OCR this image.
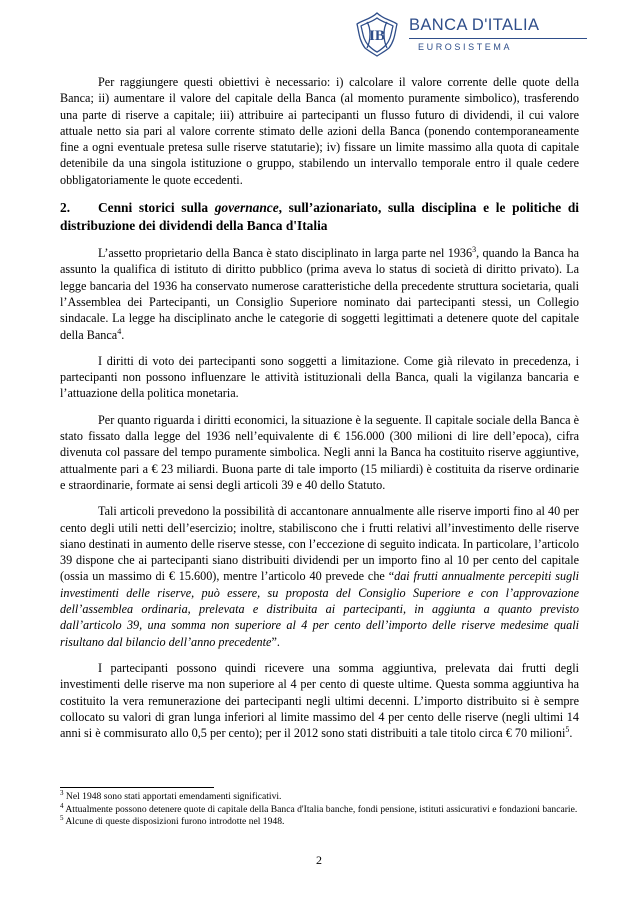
IB
BANCA D'ITALIA
EUROSISTEMA

Per raggiungere questi obiettivi è necessario: i) calcolare il valore corrente delle quote della Banca; ii) aumentare il valore del capitale della Banca (al momento puramente simbolico), trasferendo una parte di riserve a capitale; iii) attribuire ai partecipanti un flusso futuro di dividendi, il cui valore attuale netto sia pari al valore corrente stimato delle azioni della Banca (ponendo contemporaneamente fine a ogni eventuale pretesa sulle riserve statutarie); iv) fissare un limite massimo alla quota di capitale detenibile da una singola istituzione o gruppo, stabilendo un intervallo temporale entro il quale cedere obbligatoriamente le quote eccedenti.

2. Cenni storici sulla governance, sull’azionariato, sulla disciplina e le politiche di distribuzione dei dividendi della Banca d'Italia

L’assetto proprietario della Banca è stato disciplinato in larga parte nel 1936$^3$, quando la Banca ha assunto la qualifica di istituto di diritto pubblico (prima aveva lo status di società di diritto privato). La legge bancaria del 1936 ha conservato numerose caratteristiche della precedente struttura societaria, quali l’Assemblea dei Partecipanti, un Consiglio Superiore nominato dai partecipanti stessi, un Collegio sindacale. La legge ha disciplinato anche le categorie di soggetti legittimati a detenere quote del capitale della Banca$^4$.

I diritti di voto dei partecipanti sono soggetti a limitazione. Come già rilevato in precedenza, i partecipanti non possono influenzare le attività istituzionali della Banca, quali la vigilanza bancaria e l’attuazione della politica monetaria.

Per quanto riguarda i diritti economici, la situazione è la seguente. Il capitale sociale della Banca è stato fissato dalla legge del 1936 nell’equivalente di € 156.000 (300 milioni di lire dell’epoca), cifra divenuta col passare del tempo puramente simbolica. Negli anni la Banca ha costituito riserve aggiuntive, attualmente pari a € 23 miliardi. Buona parte di tale importo (15 miliardi) è costituita da riserve ordinarie e straordinarie, formate ai sensi degli articoli 39 e 40 dello Statuto.

Tali articoli prevedono la possibilità di accantonare annualmente alle riserve importi fino al 40 per cento degli utili netti dell’esercizio; inoltre, stabiliscono che i frutti relativi all’investimento delle riserve siano destinati in aumento delle riserve stesse, con l’eccezione di seguito indicata. In particolare, l’articolo 39 dispone che ai partecipanti siano distribuiti dividendi per un importo fino al 10 per cento del capitale (ossia un massimo di € 15.600), mentre l’articolo 40 prevede che “dai frutti annualmente percepiti sugli investimenti delle riserve, può essere, su proposta del Consiglio Superiore e con l’approvazione dell’assemblea ordinaria, prelevata e distribuita ai partecipanti, in aggiunta a quanto previsto dall’articolo 39, una somma non superiore al 4 per cento dell’importo delle riserve medesime quali risultano dal bilancio dell’anno precedente”.

I partecipanti possono quindi ricevere una somma aggiuntiva, prelevata dai frutti degli investimenti delle riserve ma non superiore al 4 per cento di queste ultime. Questa somma aggiuntiva ha costituito la vera remunerazione dei partecipanti negli ultimi decenni. L’importo distribuito si è sempre collocato su valori di gran lunga inferiori al limite massimo del 4 per cento delle riserve (negli ultimi 14 anni si è commisurato allo 0,5 per cento); per il 2012 sono stati distribuiti a tale titolo circa € 70 milioni$^5$.

$^3$ Nel 1948 sono stati apportati emendamenti significativi.

$^4$ Attualmente possono detenere quote di capitale della Banca d'Italia banche, fondi pensione, istituti assicurativi e fondazioni bancarie.

$^5$ Alcune di queste disposizioni furono introdotte nel 1948.

2
